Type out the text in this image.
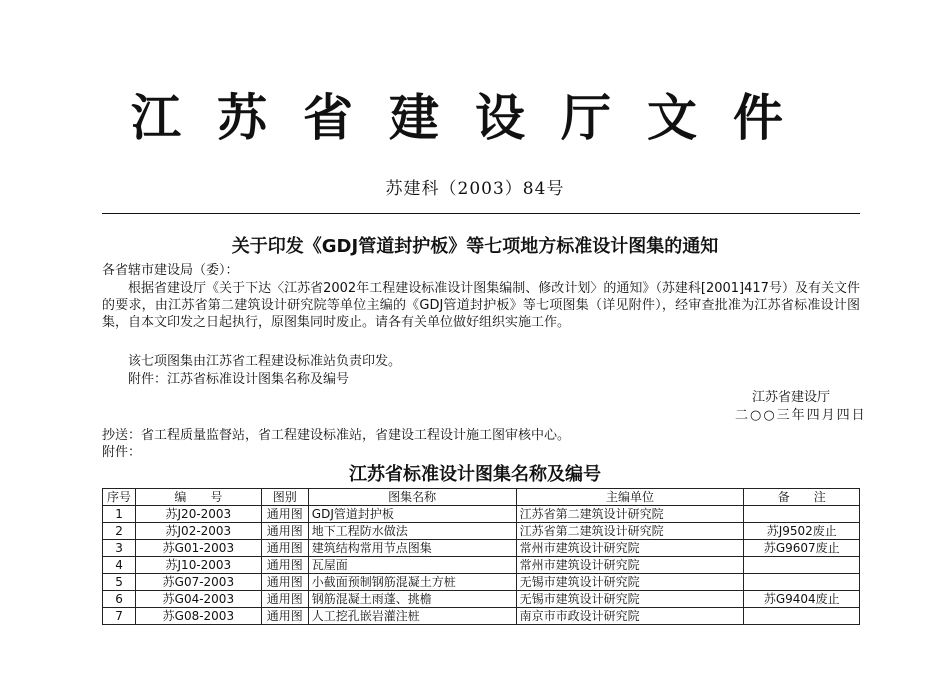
江苏省建设厅文件
苏建科（2003）84号
关于印发《GDJ管道封护板》等七项地方标准设计图集的通知
各省辖市建设局（委）：
根据省建设厅《关于下达〈江苏省2002年工程建设标准设计图集编制、修改计划〉的通知》（苏建科[2001]417号）及有关文件的要求，由江苏省第二建筑设计研究院等单位主编的《GDJ管道封护板》等七项图集（详见附件），经审查批准为江苏省标准设计图集，自本文印发之日起执行，原图集同时废止。请各有关单位做好组织实施工作。
该七项图集由江苏省工程建设标准站负责印发。
附件：江苏省标准设计图集名称及编号
江苏省建设厅
二○○三年四月四日
抄送：省工程质量监督站，省工程建设标准站，省建设工程设计施工图审核中心。
附件：
江苏省标准设计图集名称及编号
序号	编　　号	图别	图集名称	主编单位	备　　注
1	苏J20-2003	通用图	GDJ管道封护板	江苏省第二建筑设计研究院	
2	苏J02-2003	通用图	地下工程防水做法	江苏省第二建筑设计研究院	苏J9502废止
3	苏G01-2003	通用图	建筑结构常用节点图集	常州市建筑设计研究院	苏G9607废止
4	苏J10-2003	通用图	瓦屋面	常州市建筑设计研究院	
5	苏G07-2003	通用图	小截面预制钢筋混凝土方桩	无锡市建筑设计研究院	
6	苏G04-2003	通用图	钢筋混凝土雨蓬、挑檐	无锡市建筑设计研究院	苏G9404废止
7	苏G08-2003	通用图	人工挖孔嵌岩灌注桩	南京市市政设计研究院	
